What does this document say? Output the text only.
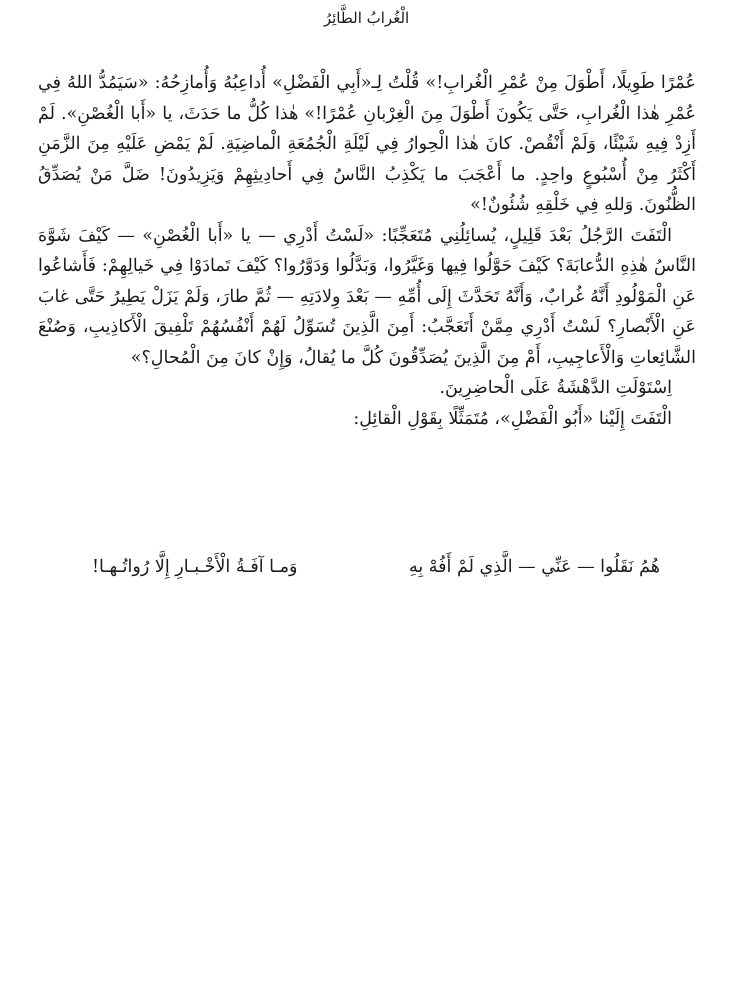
الْغُرابُ الطَّائِرُ

عُمْرًا طَوِيلًا، أَطْوَلَ مِنْ عُمْرِ الْغُرابِ!» قُلْتُ لِـ«أَبِي الْفَضْلِ» أُداعِبُهُ وَأُمازِحُهُ: «سَيَمُدُّ اللهُ فِي عُمْرِ هٰذا الْغُرابِ، حَتَّى يَكُونَ أَطْوَلَ مِنَ الْغِرْبانِ عُمْرًا!» هٰذا كُلُّ ما حَدَثَ، يا «أَبا الْغُصْنِ». لَمْ أَزِدْ فِيهِ شَيْئًا، وَلَمْ أَنْقُصْ. كانَ هٰذا الْحِوارُ فِي لَيْلَةِ الْجُمُعَةِ الْماضِيَةِ. لَمْ يَمْضِ عَلَيْهِ مِنَ الزَّمَنِ أَكْثَرُ مِنْ أُسْبُوعٍ واحِدٍ. ما أَعْجَبَ ما يَكْذِبُ النَّاسُ فِي أَحادِيثِهِمْ وَيَزِيدُونَ! ضَلَّ مَنْ يُصَدِّقُ الظُّنُونَ. وَللهِ فِي خَلْقِهِ شُئُونٌ!»

الْتَفَتَ الرَّجُلُ بَعْدَ قَلِيلٍ، يُسائِلُنِي مُتَعَجِّبًا: «لَسْتُ أَدْرِي — يا «أَبا الْغُصْنِ» — كَيْفَ شَوَّهَ النَّاسُ هٰذِهِ الدُّعابَةَ؟ كَيْفَ حَوَّلُوا فِيها وَغَيَّرُوا، وَبَدَّلُوا وَدَوَّرُوا؟ كَيْفَ تَمادَوْا فِي خَيالِهِمْ: فَأَشاعُوا عَنِ الْمَوْلُودِ أَنَّهُ غُرابٌ، وَأَنَّهُ تَحَدَّثَ إِلَى أُمِّهِ — بَعْدَ وِلادَتِهِ — ثُمَّ طارَ، وَلَمْ يَزَلْ يَطِيرُ حَتَّى غابَ عَنِ الْأَبْصارِ؟ لَسْتُ أَدْرِي مِمَّنْ أَتَعَجَّبُ: أَمِنَ الَّذِينَ تُسَوِّلُ لَهُمْ أَنْفُسُهُمْ تَلْفِيقَ الْأَكاذِيبِ، وَصُنْعَ الشَّائِعاتِ وَالْأَعاجِيبِ، أَمْ مِنَ الَّذِينَ يُصَدِّقُونَ كُلَّ ما يُقالُ، وَإِنْ كانَ مِنَ الْمُحالِ؟»

اِسْتَوْلَتِ الدَّهْشَةُ عَلَى الْحاضِرِينَ.

الْتَفَتَ إِلَيْنا «أَبُو الْفَضْلِ»، مُتَمَثِّلًا بِقَوْلِ الْقائِلِ:

هُمُ نَقَلُوا — عَنِّي — الَّذِي لَمْ أَفُهْ بِهِ
وَمـا آفَـةُ الْأَخْـبـارِ إِلَّا رُواتُـهـا!
